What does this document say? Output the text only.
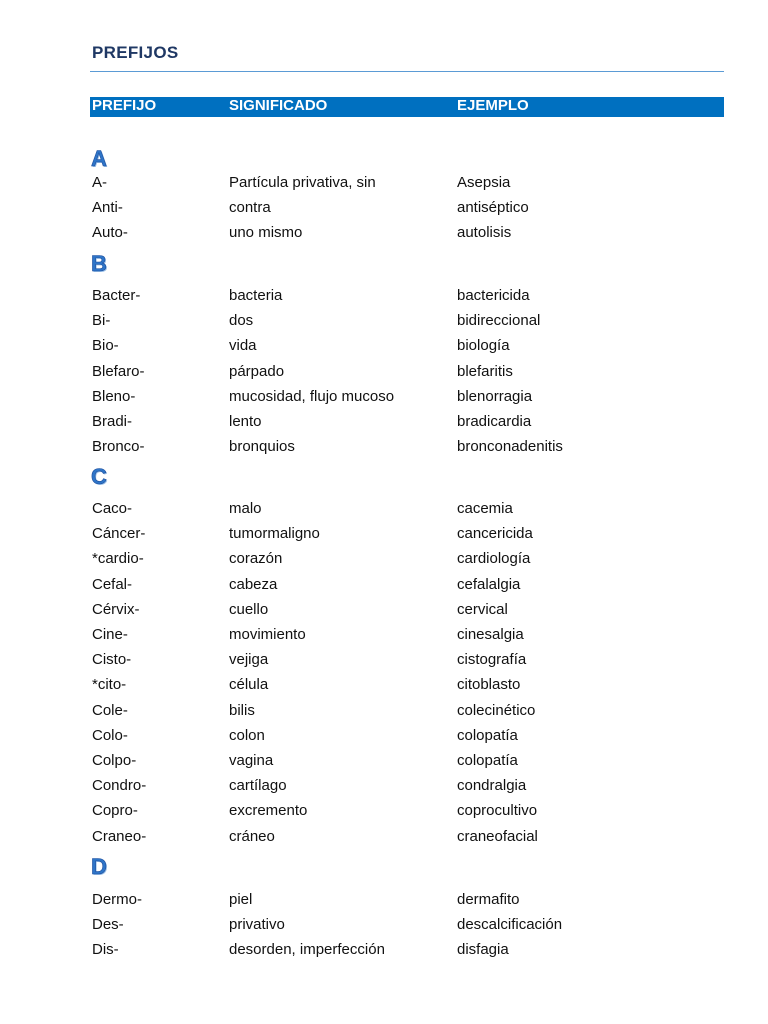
PREFIJOS
PREFIJO	SIGNIFICADO	EJEMPLO
A
A-	Partícula privativa, sin	Asepsia
Anti-	contra	antiséptico
Auto-	uno mismo	autolisis
B
Bacter-	bacteria	bactericida
Bi-	dos	bidireccional
Bio-	vida	biología
Blefaro-	párpado	blefaritis
Bleno-	mucosidad, flujo mucoso	blenorragia
Bradi-	lento	bradicardia
Bronco-	bronquios	bronconadenitis
C
Caco-	malo	cacemia
Cáncer-	tumormaligno	cancericida
*cardio-	corazón	cardiología
Cefal-	cabeza	cefalalgia
Cérvix-	cuello	cervical
Cine-	movimiento	cinesalgia
Cisto-	vejiga	cistografía
*cito-	célula	citoblasto
Cole-	bilis	colecinético
Colo-	colon	colopatía
Colpo-	vagina	colopatía
Condro-	cartílago	condralgia
Copro-	excremento	coprocultivo
Craneo-	cráneo	craneofacial
D
Dermo-	piel	dermafito
Des-	privativo	descalcificación
Dis-	desorden, imperfección	disfagia
